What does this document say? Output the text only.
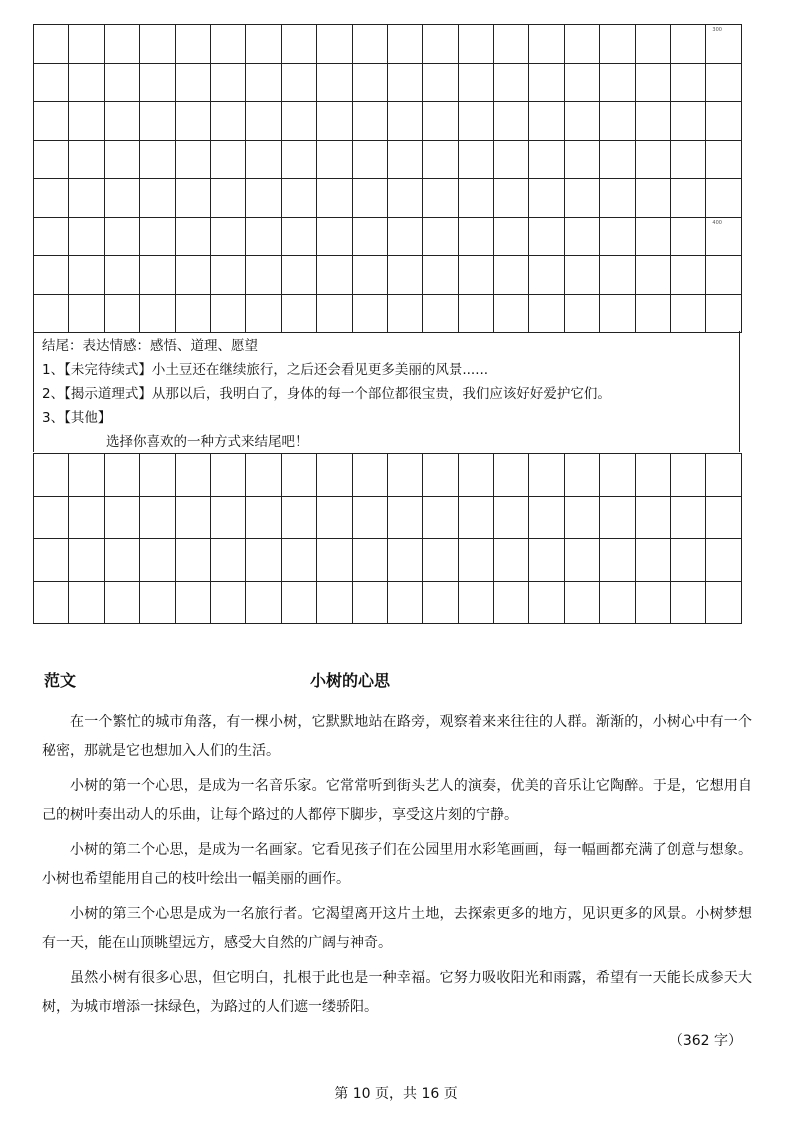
																			300

																			400

结尾：表达情感：感悟、道理、愿望
1、【未完待续式】小土豆还在继续旅行，之后还会看见更多美丽的风景......
2、【揭示道理式】从那以后，我明白了，身体的每一个部位都很宝贵，我们应该好好爱护它们。
3、【其他】
选择你喜欢的一种方式来结尾吧！

范文	小树的心思

在一个繁忙的城市角落，有一棵小树，它默默地站在路旁，观察着来来往往的人群。渐渐的，小树心中有一个秘密，那就是它也想加入人们的生活。

小树的第一个心思，是成为一名音乐家。它常常听到街头艺人的演奏，优美的音乐让它陶醉。于是，它想用自己的树叶奏出动人的乐曲，让每个路过的人都停下脚步，享受这片刻的宁静。

小树的第二个心思，是成为一名画家。它看见孩子们在公园里用水彩笔画画，每一幅画都充满了创意与想象。小树也希望能用自己的枝叶绘出一幅美丽的画作。

小树的第三个心思是成为一名旅行者。它渴望离开这片土地，去探索更多的地方，见识更多的风景。小树梦想有一天，能在山顶眺望远方，感受大自然的广阔与神奇。

虽然小树有很多心思，但它明白，扎根于此也是一种幸福。它努力吸收阳光和雨露，希望有一天能长成参天大树，为城市增添一抹绿色，为路过的人们遮一缕骄阳。

（362 字）
第 10 页，共 16 页
